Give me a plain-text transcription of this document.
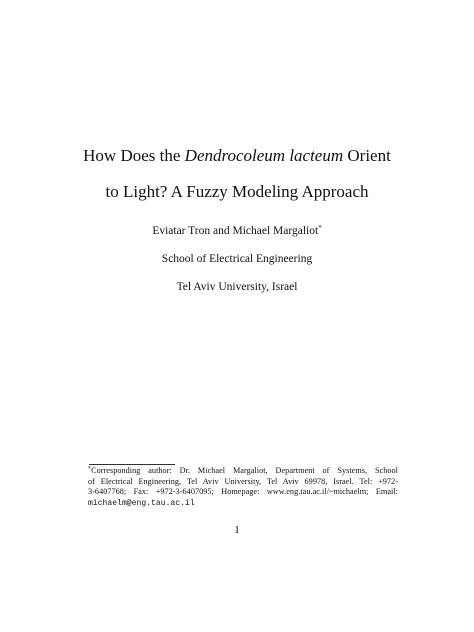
How Does the Dendrocoleum lacteum Orient
to Light? A Fuzzy Modeling Approach
Eviatar Tron and Michael Margaliot*
School of Electrical Engineering
Tel Aviv University, Israel
*Corresponding author: Dr. Michael Margaliot, Department of Systems, School
of Electrical Engineering, Tel Aviv University, Tel Aviv 69978, Israel. Tel: +972-
3-6407768; Fax: +972-3-6407095; Homepage: www.eng.tau.ac.il/~michaelm; Email:
michaelm@eng.tau.ac.il
1
